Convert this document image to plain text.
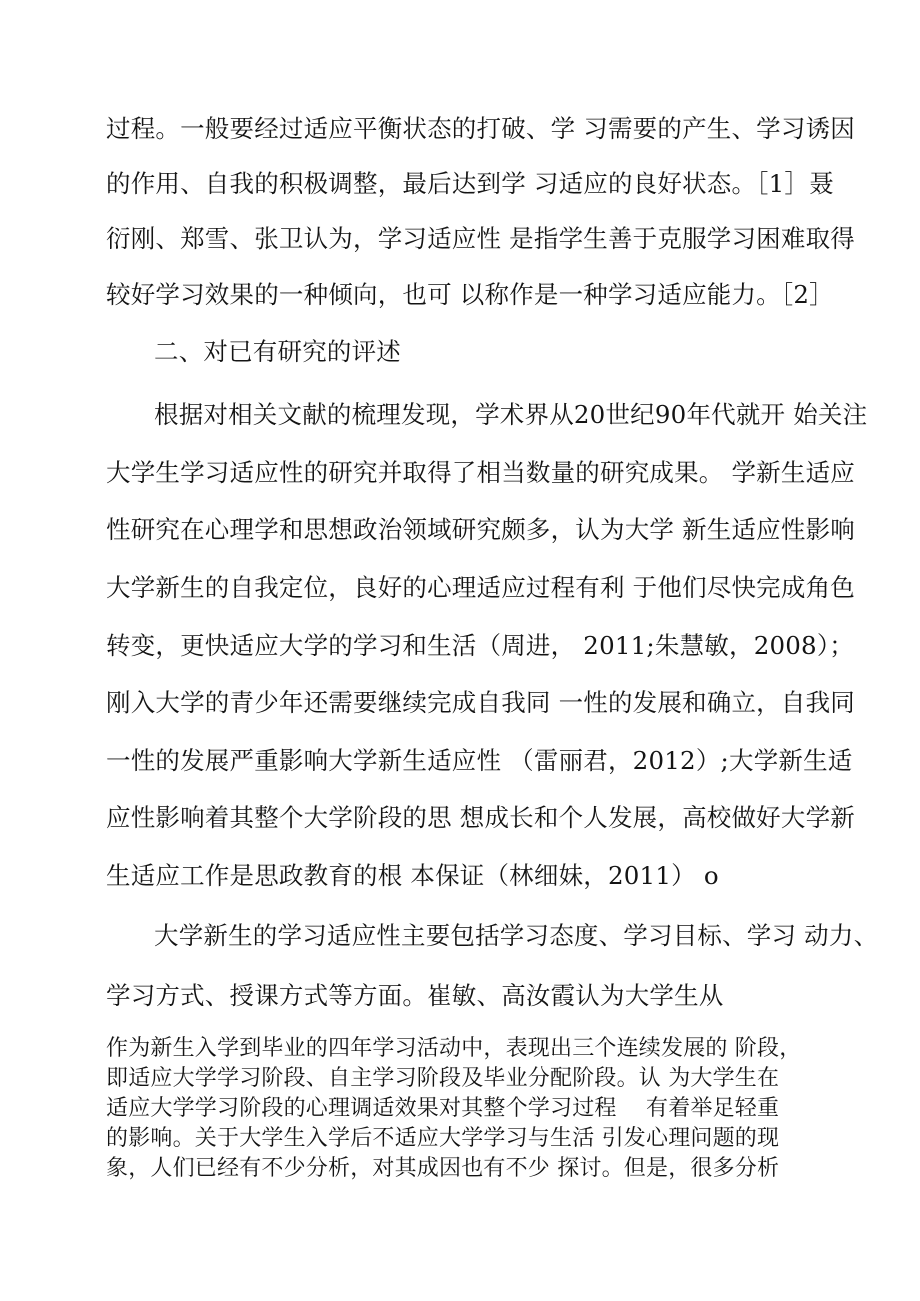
过程。一般要经过适应平衡状态的打破、学 习需要的产生、学习诱因
的作用、自我的积极调整，最后达到学 习适应的良好状态。［1］聂
衍刚、郑雪、张卫认为，学习适应性 是指学生善于克服学习困难取得
较好学习效果的一种倾向，也可 以称作是一种学习适应能力。［2］
二、对已有研究的评述
根据对相关文献的梳理发现，学术界从20世纪90年代就开 始关注
大学生学习适应性的研究并取得了相当数量的研究成果。 学新生适应
性研究在心理学和思想政治领域研究颇多，认为大学 新生适应性影响
大学新生的自我定位，良好的心理适应过程有利 于他们尽快完成角色
转变，更快适应大学的学习和生活（周进， 2011;朱慧敏，2008）；
刚入大学的青少年还需要继续完成自我同 一性的发展和确立，自我同
一性的发展严重影响大学新生适应性 （雷丽君，2012）;大学新生适
应性影响着其整个大学阶段的思 想成长和个人发展，高校做好大学新
生适应工作是思政教育的根 本保证（林细妹，2011） o
大学新生的学习适应性主要包括学习态度、学习目标、学习 动力、
学习方式、授课方式等方面。崔敏、高汝霞认为大学生从
作为新生入学到毕业的四年学习活动中，表现出三个连续发展的 阶段，
即适应大学学习阶段、自主学习阶段及毕业分配阶段。认 为大学生在
适应大学学习阶段的心理调适效果对其整个学习过程　 有着举足轻重
的影响。关于大学生入学后不适应大学学习与生活 引发心理问题的现
象，人们已经有不少分析，对其成因也有不少 探讨。但是，很多分析
